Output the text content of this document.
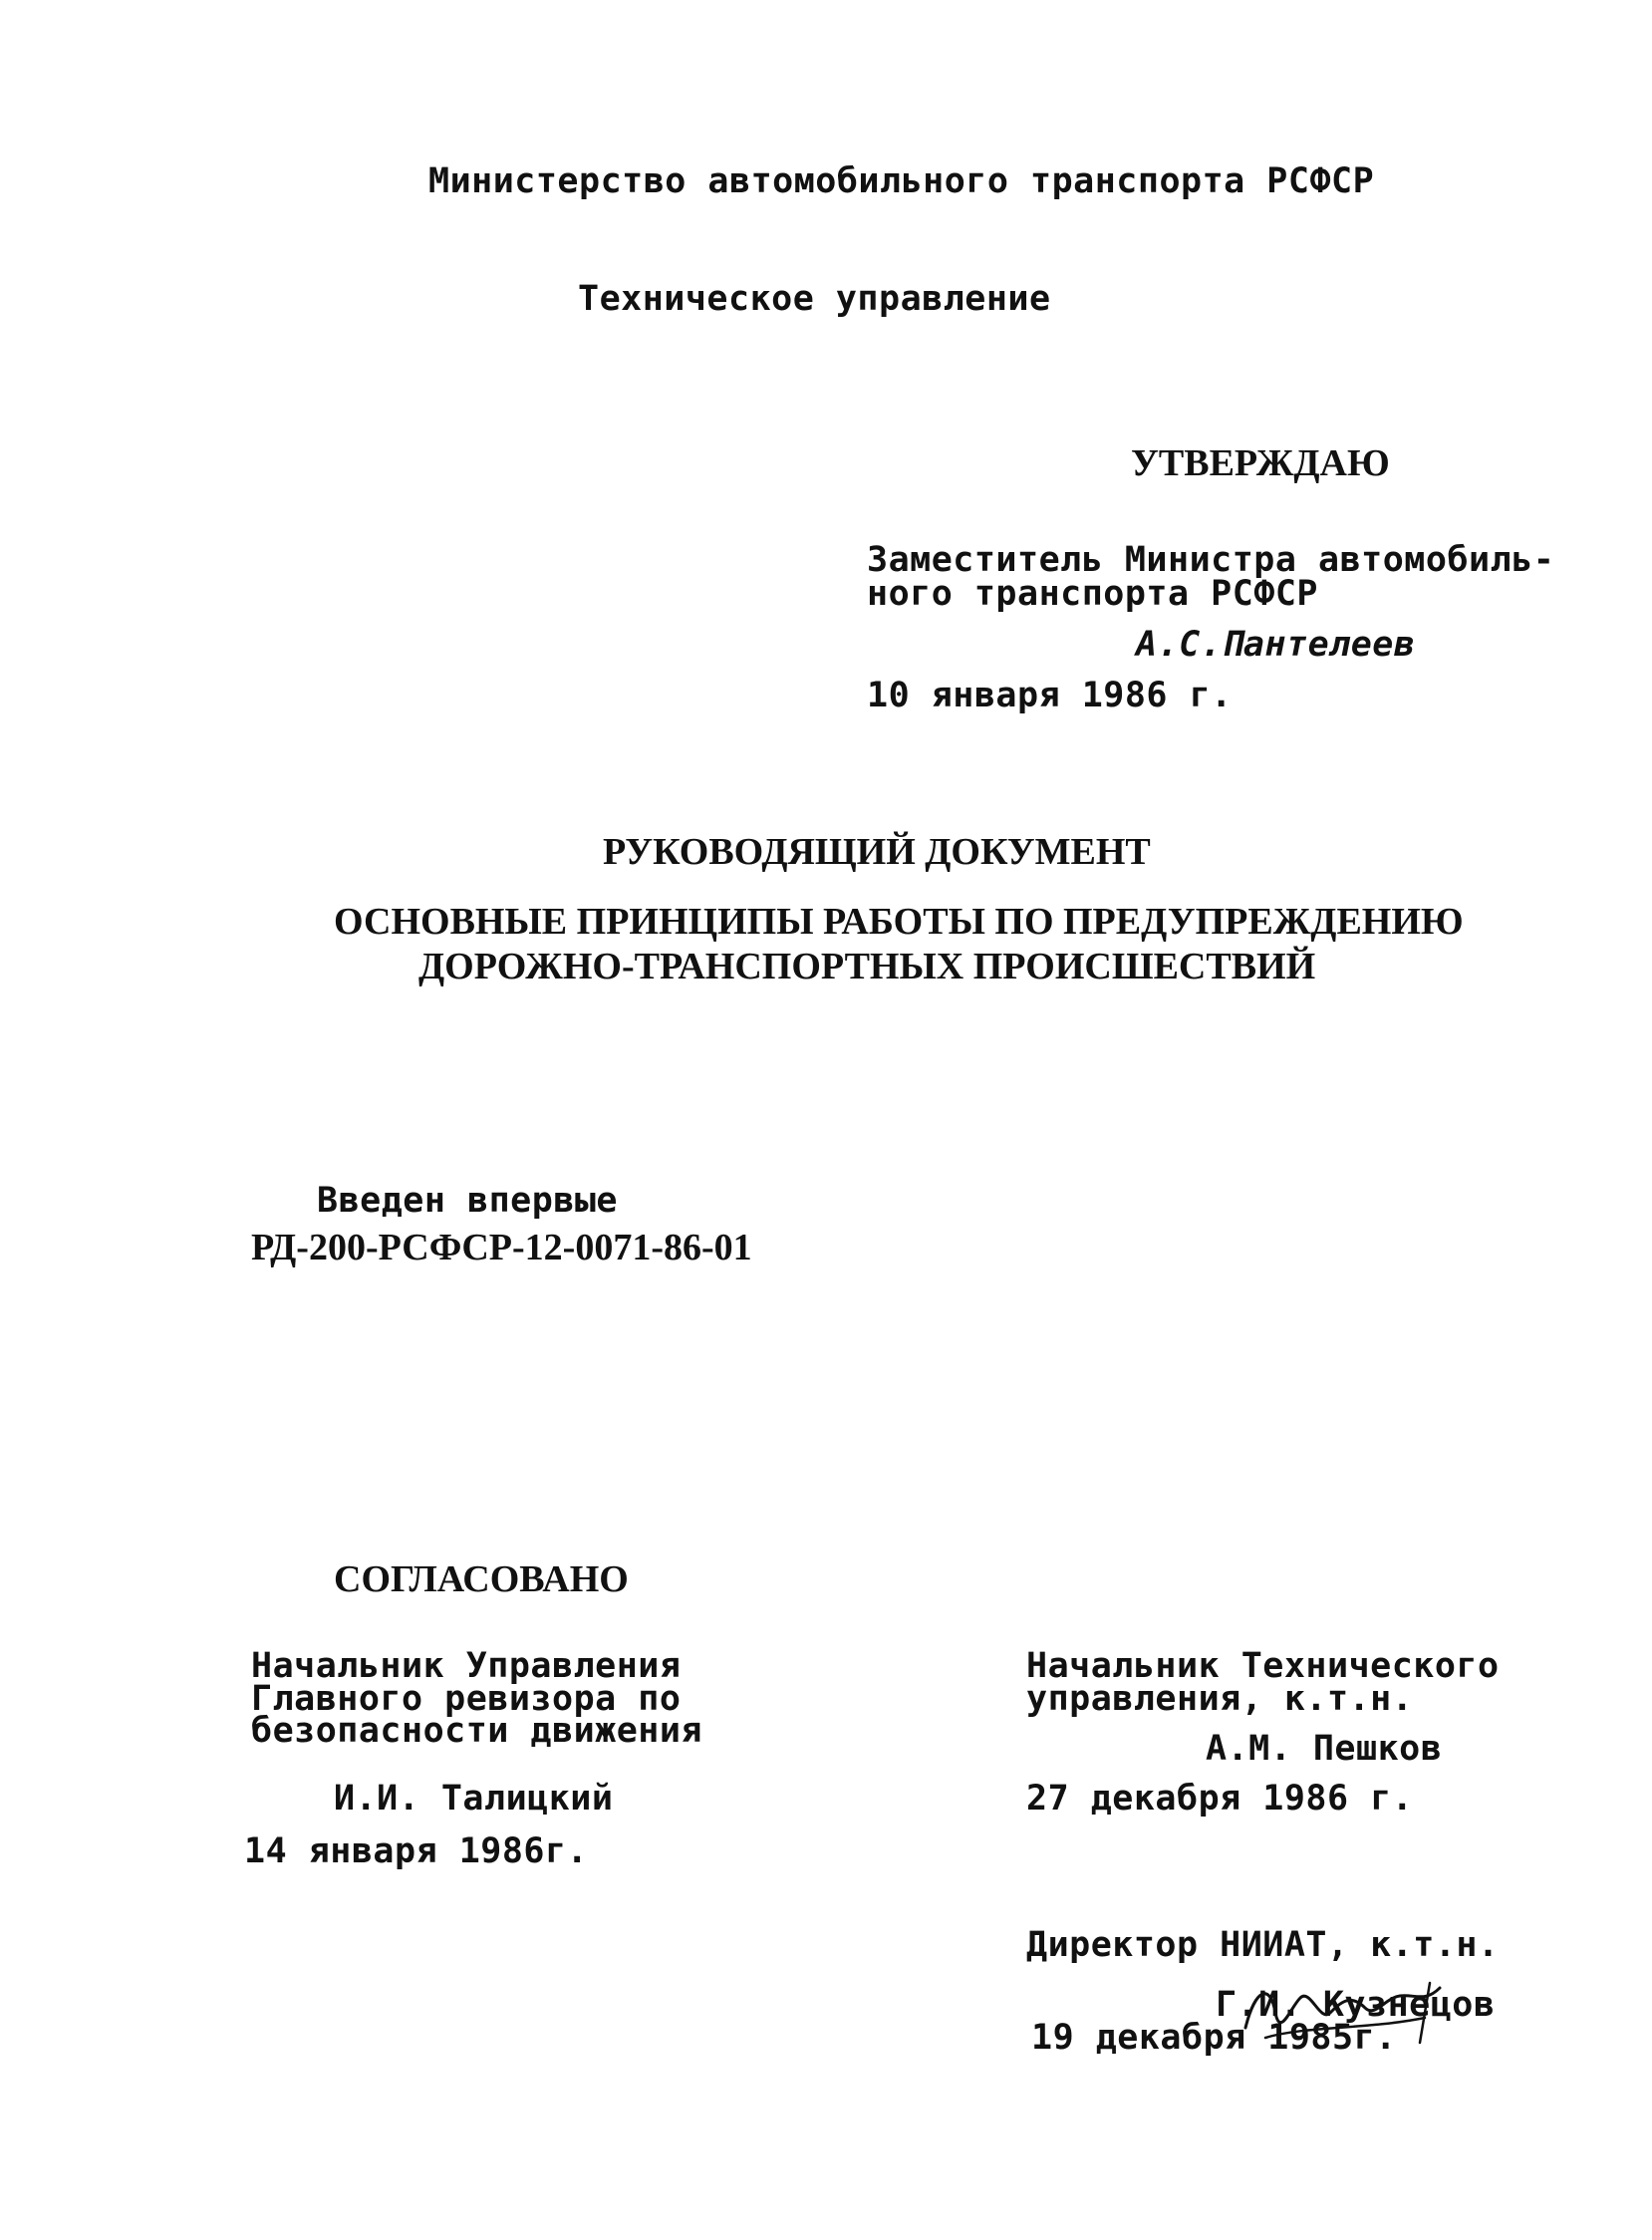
Министерство автомобильного транспорта РСФСР
Техническое управление
УТВЕРЖДАЮ
Заместитель Министра автомобиль-
ного транспорта РСФСР
А.С.Пантелеев
10 января 1986 г.
РУКОВОДЯЩИЙ ДОКУМЕНТ
ОСНОВНЫЕ ПРИНЦИПЫ РАБОТЫ ПО ПРЕДУПРЕЖДЕНИЮ
ДОРОЖНО-ТРАНСПОРТНЫХ ПРОИСШЕСТВИЙ
Введен впервые
РД-200-РСФСР-12-0071-86-01
СОГЛАСОВАНО
Начальник Управления
Главного ревизора по
безопасности движения
И.И. Талицкий
14 января 1986г.
Начальник Технического
управления, к.т.н.
А.М. Пешков
27 декабря 1986 г.
Директор НИИАТ, к.т.н.
Г.И. Кузнецов
19 декабря 1985г.
